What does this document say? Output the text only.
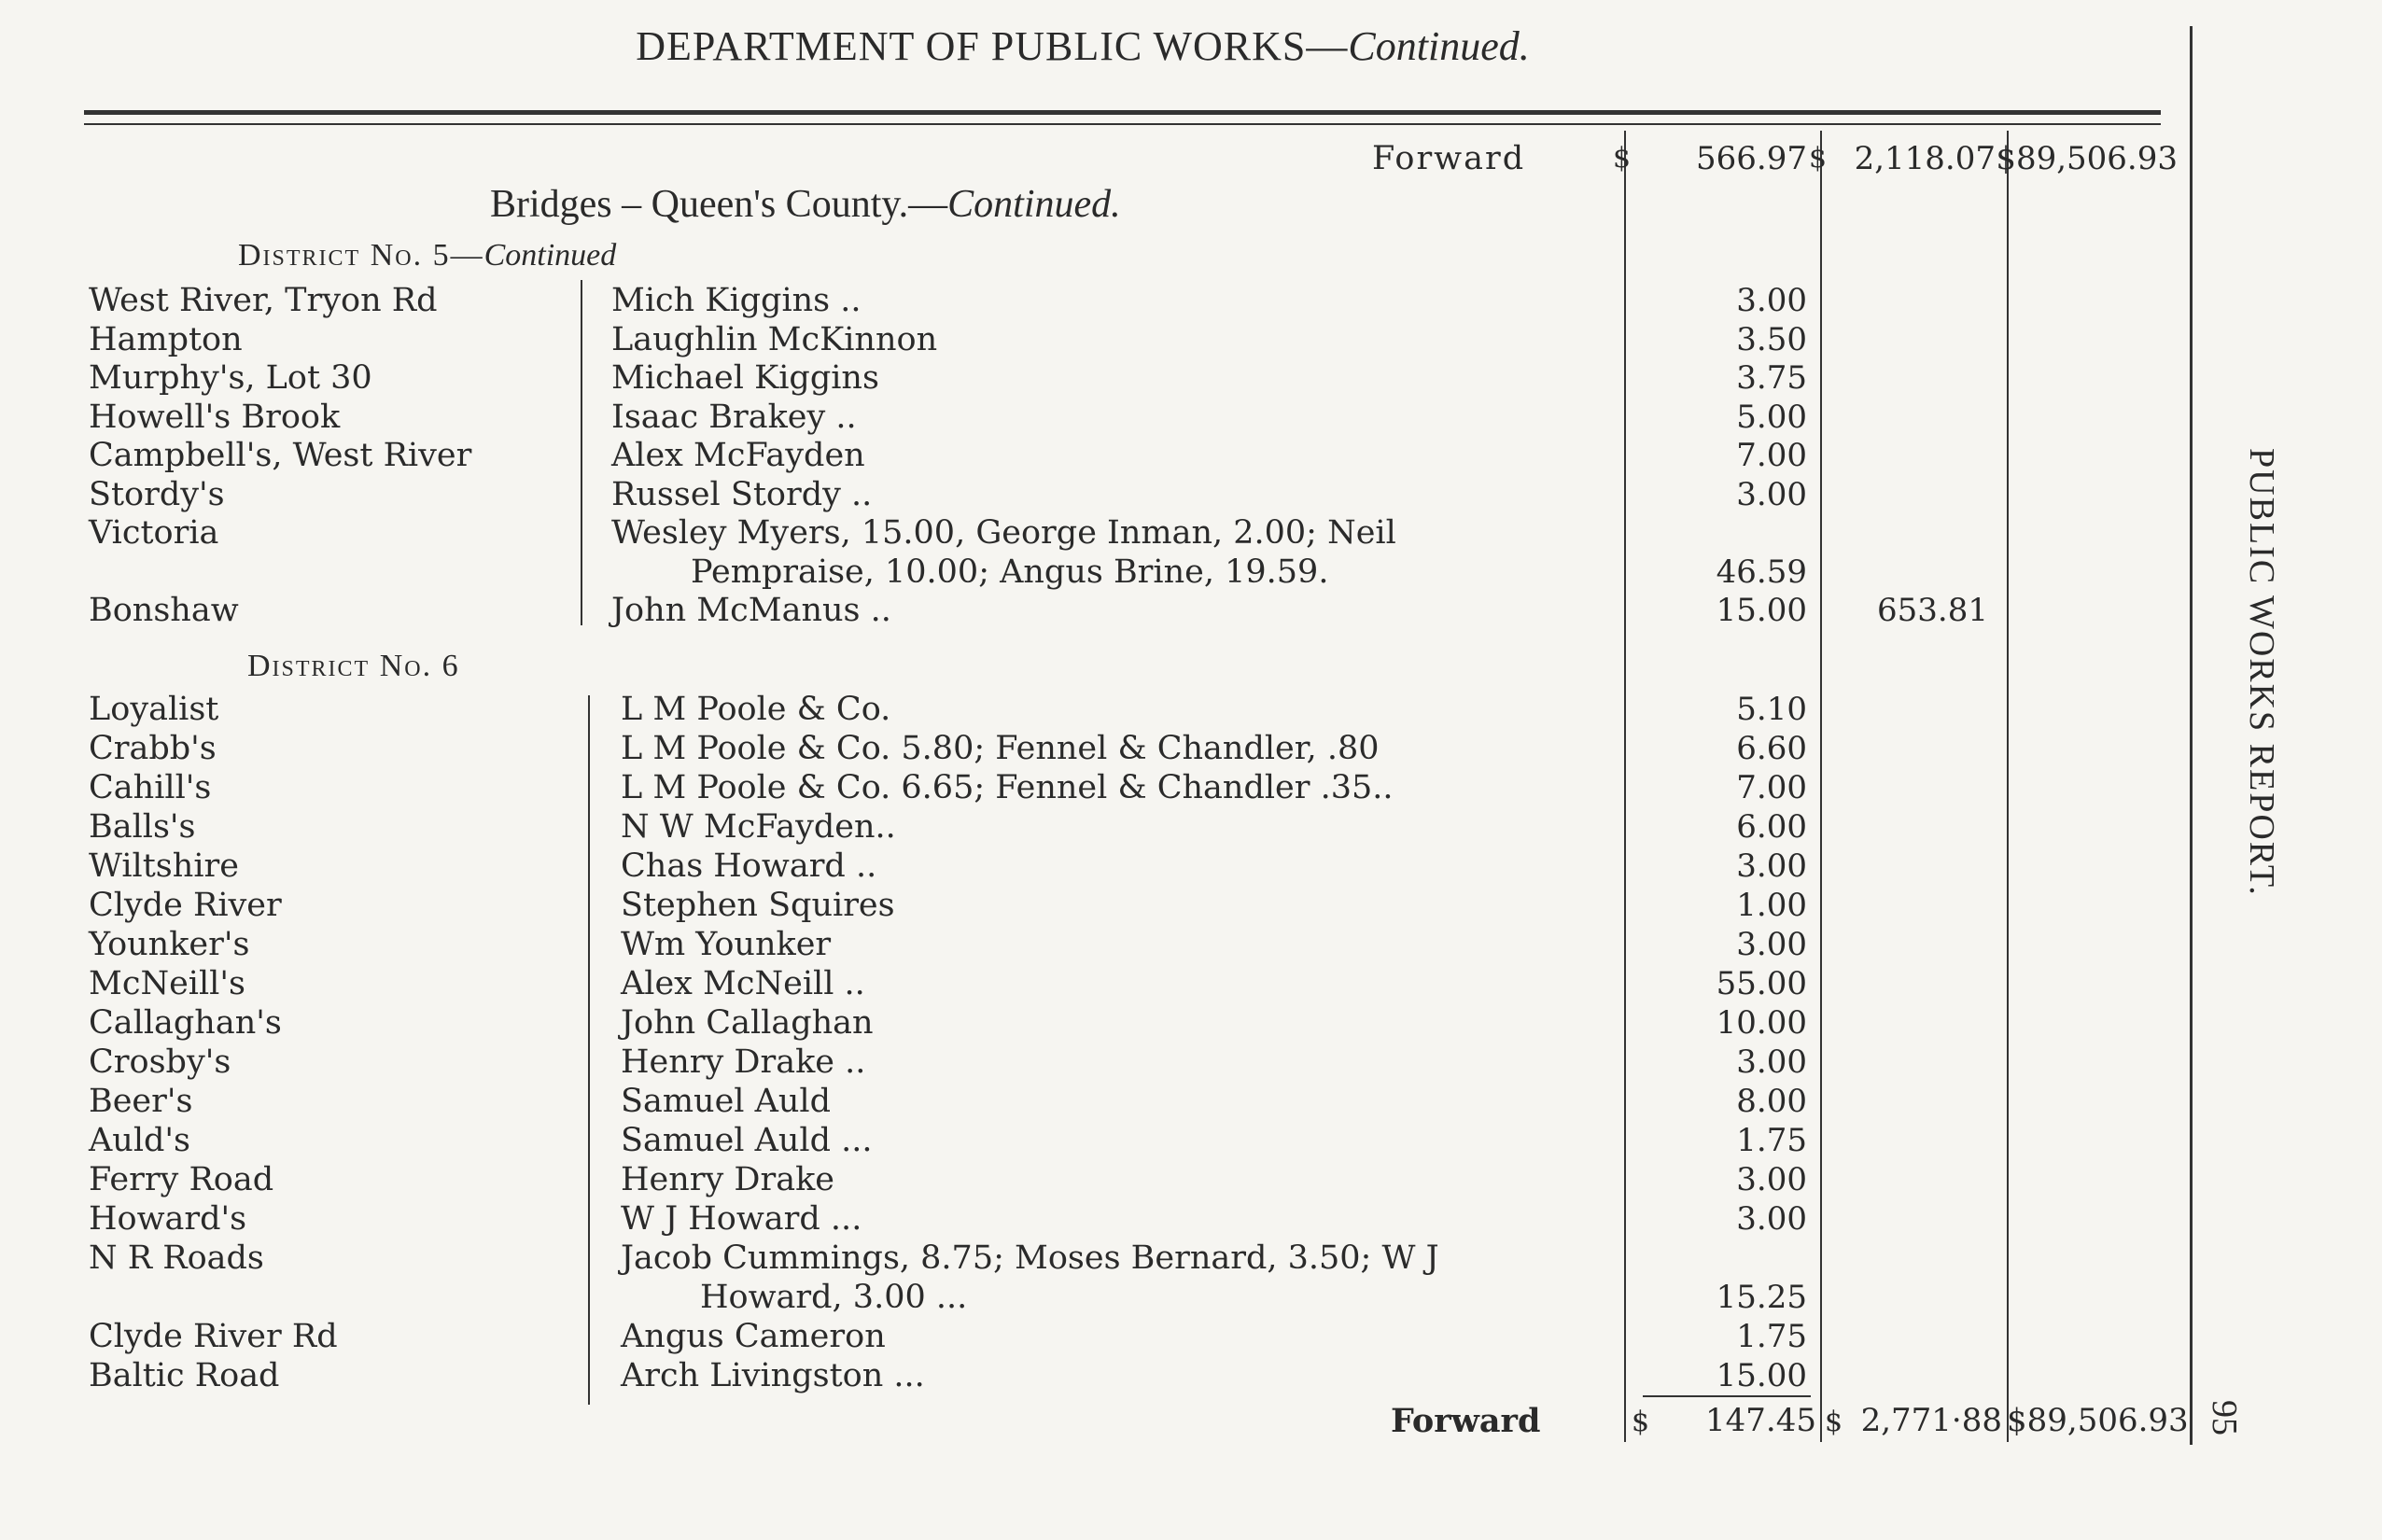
DEPARTMENT OF PUBLIC WORKS—Continued.
Forward	$	566.97 $ 2,118.07 $89,506.93
Bridges – Queen's County.—Continued.
District No. 5—Continued
West River, Tryon Rd	Mich Kiggins ..	3.00
Hampton	Laughlin McKinnon	3.50
Murphy's, Lot 30	Michael Kiggins	3.75
Howell's Brook	Isaac Brakey ..	5.00
Campbell's, West River	Alex McFayden	7.00
Stordy's	Russel Stordy ..	3.00
Victoria	Wesley Myers, 15.00, George Inman, 2.00; Neil
Pempraise, 10.00; Angus Brine, 19.59.	46.59
Bonshaw	John McManus ..	15.00	653.81
District No. 6
Loyalist	L M Poole & Co.	5.10
Crabb's	L M Poole & Co. 5.80; Fennel & Chandler, .80	6.60
Cahill's	L M Poole & Co. 6.65; Fennel & Chandler .35..	7.00
Balls's	N W McFayden..	6.00
Wiltshire	Chas Howard ..	3.00
Clyde River	Stephen Squires	1.00
Younker's	Wm Younker	3.00
McNeill's	Alex McNeill ..	55.00
Callaghan's	John Callaghan	10.00
Crosby's	Henry Drake ..	3.00
Beer's	Samuel Auld	8.00
Auld's	Samuel Auld ...	1.75
Ferry Road	Henry Drake	3.00
Howard's	W J Howard ...	3.00
N R Roads	Jacob Cummings, 8.75; Moses Bernard, 3.50; W J
Howard, 3.00 ...	15.25
Clyde River Rd	Angus Cameron	1.75
Baltic Road	Arch Livingston ...	15.00
Forward	$	147.45 $ 2,771·88 $89,506.93
PUBLIC WORKS REPORT.
95
